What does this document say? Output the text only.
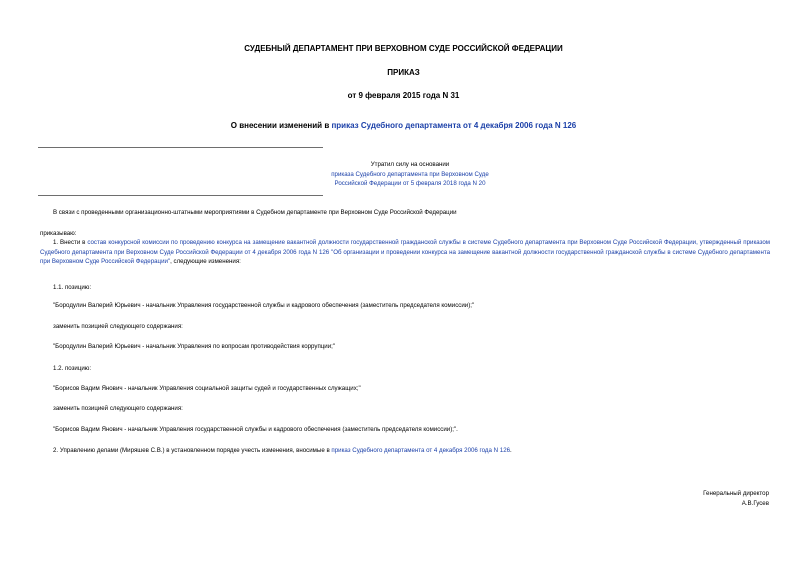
СУДЕБНЫЙ ДЕПАРТАМЕНТ ПРИ ВЕРХОВНОМ СУДЕ РОССИЙСКОЙ ФЕДЕРАЦИИ
ПРИКАЗ
от 9 февраля 2015 года N 31
О внесении изменений в приказ Судебного департамента от 4 декабря 2006 года N 126
Утратил силу на основании
приказа Судебного департамента при Верховном Суде
Российской Федерации от 5 февраля 2018 года N 20
В связи с проведенными организационно-штатными мероприятиями в Судебном департаменте при Верховном Суде Российской Федерации
приказываю:
1. Внести в состав конкурсной комиссии по проведению конкурса на замещение вакантной должности государственной гражданской службы в системе Судебного департамента при Верховном Суде Российской Федерации, утвержденный приказом Судебного департамента при Верховном Суде Российской Федерации от 4 декабря 2006 года N 126 "Об организации и проведении конкурса на замещение вакантной должности государственной гражданской службы в системе Судебного департамента при Верховном Суде Российской Федерации", следующие изменения:
1.1. позицию:
"Бородулин Валерий Юрьевич - начальник Управления государственной службы и кадрового обеспечения (заместитель председателя комиссии);"
заменить позицией следующего содержания:
"Бородулин Валерий Юрьевич - начальник Управления по вопросам противодействия коррупции;"
1.2. позицию:
"Борисов Вадим Янович - начальник Управления социальной защиты судей и государственных служащих;"
заменить позицией следующего содержания:
"Борисов Вадим Янович - начальник Управления государственной службы и кадрового обеспечения (заместитель председателя комиссии);".
2. Управлению делами (Миряшев С.В.) в установленном порядке учесть изменения, вносимые в приказ Судебного департамента от 4 декабря 2006 года N 126.
Генеральный директор
А.В.Гусев
